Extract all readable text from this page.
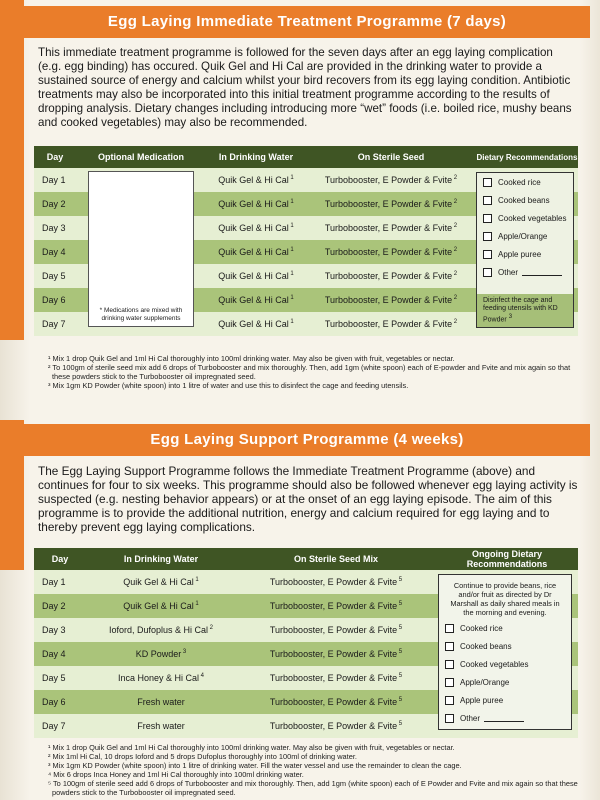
Egg Laying Immediate Treatment Programme (7 days)
This immediate treatment programme is followed for the seven days after an egg laying complication (e.g. egg binding) has occured. Quik Gel and Hi Cal are provided in the drinking water to provide a sustained source of energy and calcium whilst your bird recovers from its egg laying condition. Antibiotic treatments may also be incorporated into this initial treatment programme according to the results of dropping analysis. Dietary changes including introducing more “wet” foods (i.e. boiled rice, mushy beans and cooked vegetables) may also be recommended.
Day	Optional Medication	In Drinking Water	On Sterile Seed	Dietary Recommendations
Day 1		Quik Gel & Hi Cal $^1$	Turbobooster, E Powder & Fvite $^2$	
Day 2		Quik Gel & Hi Cal $^1$	Turbobooster, E Powder & Fvite $^2$	
Day 3		Quik Gel & Hi Cal $^1$	Turbobooster, E Powder & Fvite $^2$	
Day 4		Quik Gel & Hi Cal $^1$	Turbobooster, E Powder & Fvite $^2$	
Day 5		Quik Gel & Hi Cal $^1$	Turbobooster, E Powder & Fvite $^2$	
Day 6		Quik Gel & Hi Cal $^1$	Turbobooster, E Powder & Fvite $^2$	
Day 7		Quik Gel & Hi Cal $^1$	Turbobooster, E Powder & Fvite $^2$	
* Medications are mixed with drinking water supplements
Cooked rice
Cooked beans
Cooked vegetables
Apple/Orange
Apple puree
Other
Disinfect the cage and feeding utensils with KD Powder $^3$

¹ Mix 1 drop Quik Gel and 1ml Hi Cal thoroughly into 100ml drinking water. May also be given with fruit, vegetables or nectar.

² To 100gm of sterile seed mix add 6 drops of Turbobooster and mix thoroughly. Then, add 1gm (white spoon) each of E-powder and Fvite and mix again so that these powders stick to the Turbobooster oil impregnated seed.

³ Mix 1gm KD Powder (white spoon) into 1 litre of water and use this to disinfect the cage and feeding utensils.

Egg Laying Support Programme (4 weeks)
The Egg Laying Support Programme follows the Immediate Treatment Programme (above) and continues for four to six weeks. This programme should also be followed whenever egg laying activity is suspected (e.g. nesting behavior appears) or at the onset of an egg laying episode. The aim of this programme is to provide the additional nutrition, energy and calcium required for egg laying and to thereby prevent egg laying complications.
Day	In Drinking Water	On Sterile Seed Mix	Ongoing Dietary Recommendations
Day 1	Quik Gel & Hi Cal $^1$	Turbobooster, E Powder & Fvite $^5$	
Day 2	Quik Gel & Hi Cal $^1$	Turbobooster, E Powder & Fvite $^5$	
Day 3	Ioford, Dufoplus & Hi Cal $^2$	Turbobooster, E Powder & Fvite $^5$	
Day 4	KD Powder $^3$	Turbobooster, E Powder & Fvite $^5$	
Day 5	Inca Honey & Hi Cal $^4$	Turbobooster, E Powder & Fvite $^5$	
Day 6	Fresh water	Turbobooster, E Powder & Fvite $^5$	
Day 7	Fresh water	Turbobooster, E Powder & Fvite $^5$	
Continue to provide beans, rice and/or fruit as directed by Dr Marshall as daily shared meals in the morning and evening.
Cooked rice
Cooked beans
Cooked vegetables
Apple/Orange
Apple puree
Other

¹ Mix 1 drop Quik Gel and 1ml Hi Cal thoroughly into 100ml drinking water. May also be given with fruit, vegetables or nectar.

² Mix 1ml Hi Cal, 10 drops Ioford and 5 drops Dufoplus thoroughly into 100ml of drinking water.

³ Mix 1gm KD Powder (white spoon) into 1 litre of drinking water. Fill the water vessel and use the remainder to clean the cage.

⁴ Mix 6 drops Inca Honey and 1ml Hi Cal thoroughly into 100ml drinking water.

⁵ To 100gm of sterile seed add 6 drops of Turbobooster and mix thoroughly. Then, add 1gm (white spoon) each of E Powder and Fvite and mix again so that these powders stick to the Turbobooster oil impregnated seed.
